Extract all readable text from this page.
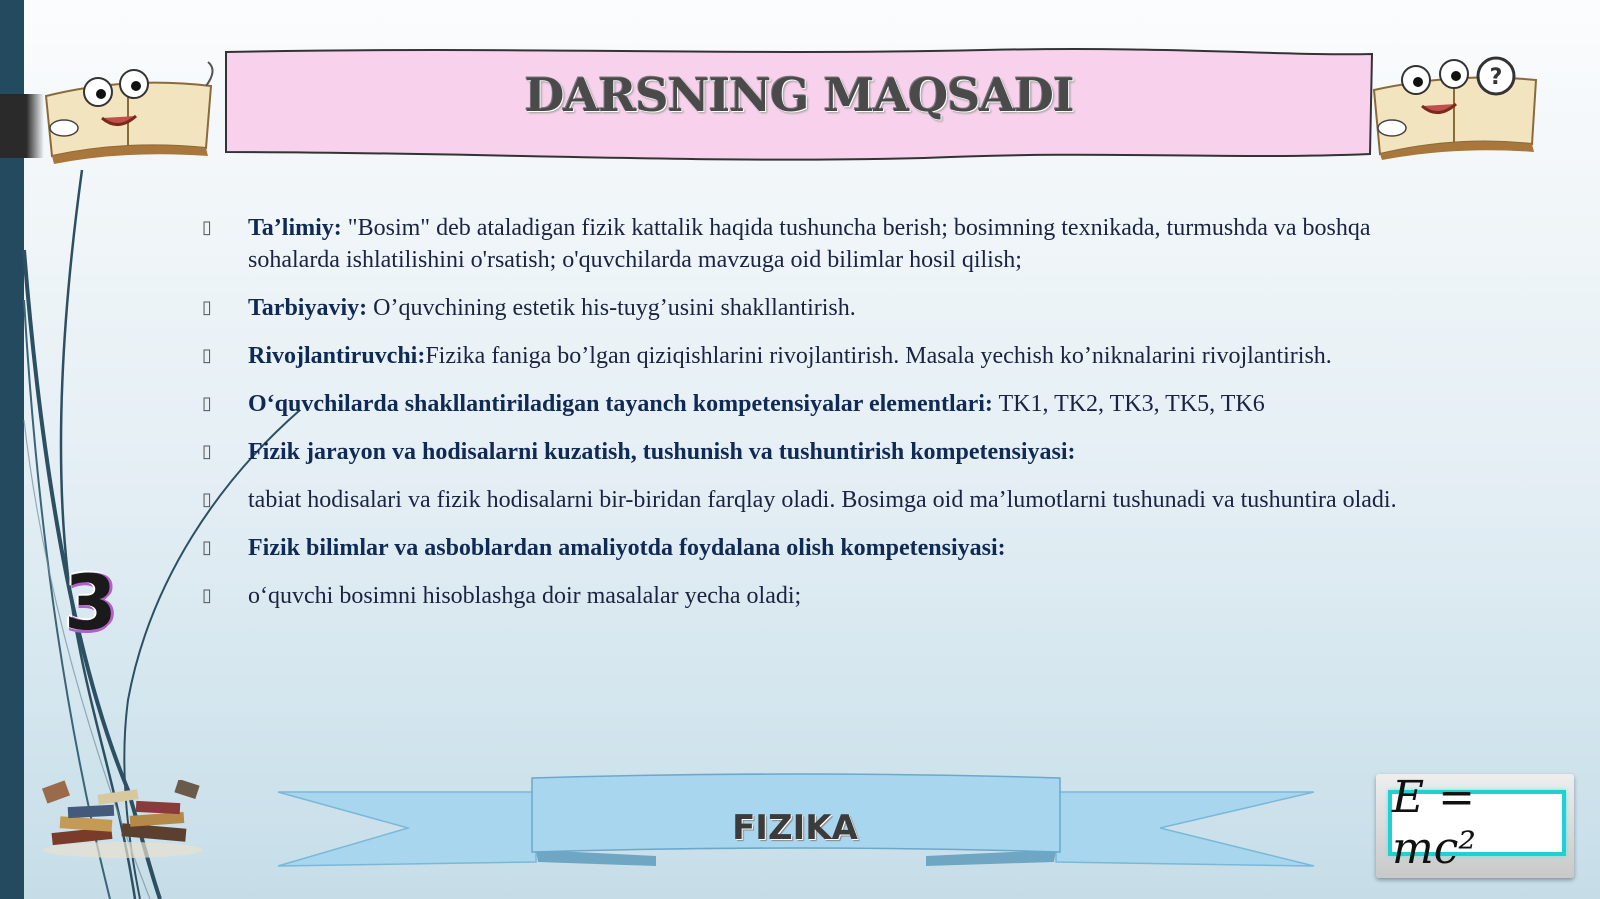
DARSNING MAQSADI	?
▯ Ta’limiy: "Bosim" deb ataladigan fizik kattalik haqida tushuncha berish; bosimning texnikada, turmushda va boshqa sohalarda ishlatilishini o'rsatish; o'quvchilarda mavzuga oid bilimlar hosil qilish;
▯ Tarbiyaviy: O’quvchining estetik his-tuyg’usini shakllantirish.
▯ Rivojlantiruvchi:Fizika faniga bo’lgan qiziqishlarini rivojlantirish. Masala yechish ko’niknalarini rivojlantirish.
▯ O‘quvchilarda shakllantiriladigan tayanch kompetensiyalar elementlari: TK1, TK2, TK3, TK5, TK6
▯ Fizik jarayon va hodisalarni kuzatish, tushunish va tushuntirish kompetensiyasi:
▯ tabiat hodisalari va fizik hodisalarni bir-biridan farqlay oladi. Bosimga oid ma’lumotlarni tushunadi va tushuntira oladi.
▯ Fizik bilimlar va asboblardan amaliyotda foydalana olish kompetensiyasi:
▯ o‘quvchi bosimni hisoblashga doir masalalar yecha oladi;
3
FIZIKA
E = mc²
